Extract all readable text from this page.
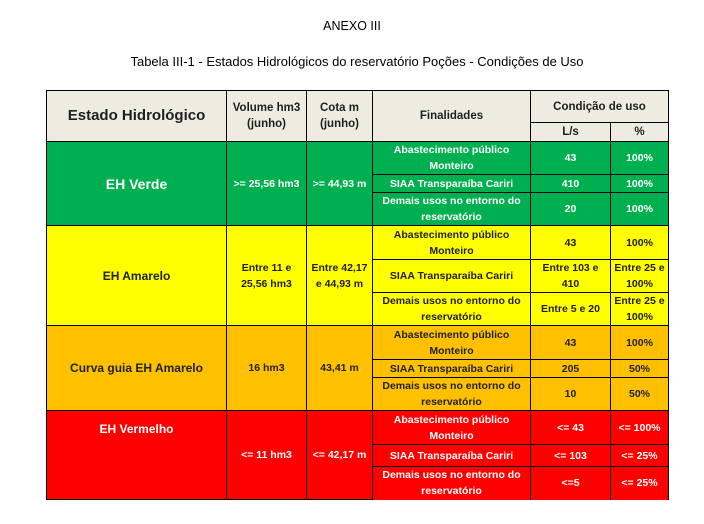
ANEXO III
Tabela III-1 - Estados Hidrológicos do reservatório Poções - Condições de Uso
Estado Hidrológico	Volume hm3 (junho)	Cota m (junho)	Finalidades	Condição de uso	
				L/s	%
EH Verde	>= 25,56 hm3	>= 44,93 m	Abastecimento público Monteiro	43	100%
			SIAA Transparaíba Cariri	410	100%
			Demais usos no entorno do reservatório	20	100%
EH Amarelo	Entre 11 e 25,56 hm3	Entre 42,17 e 44,93 m	Abastecimento público Monteiro	43	100%
			SIAA Transparaíba Cariri	Entre 103 e 410	Entre 25 e 100%
			Demais usos no entorno do reservatório	Entre 5 e 20	Entre 25 e 100%
Curva guia EH Amarelo	16 hm3	43,41 m	Abastecimento público Monteiro	43	100%
			SIAA Transparaíba Cariri	205	50%
			Demais usos no entorno do reservatório	10	50%
EH Vermelho	<= 11 hm3	<= 42,17 m	Abastecimento público Monteiro	<= 43	<= 100%
			SIAA Transparaíba Cariri	<= 103	<= 25%
			Demais usos no entorno do reservatório	<=5	<= 25%
